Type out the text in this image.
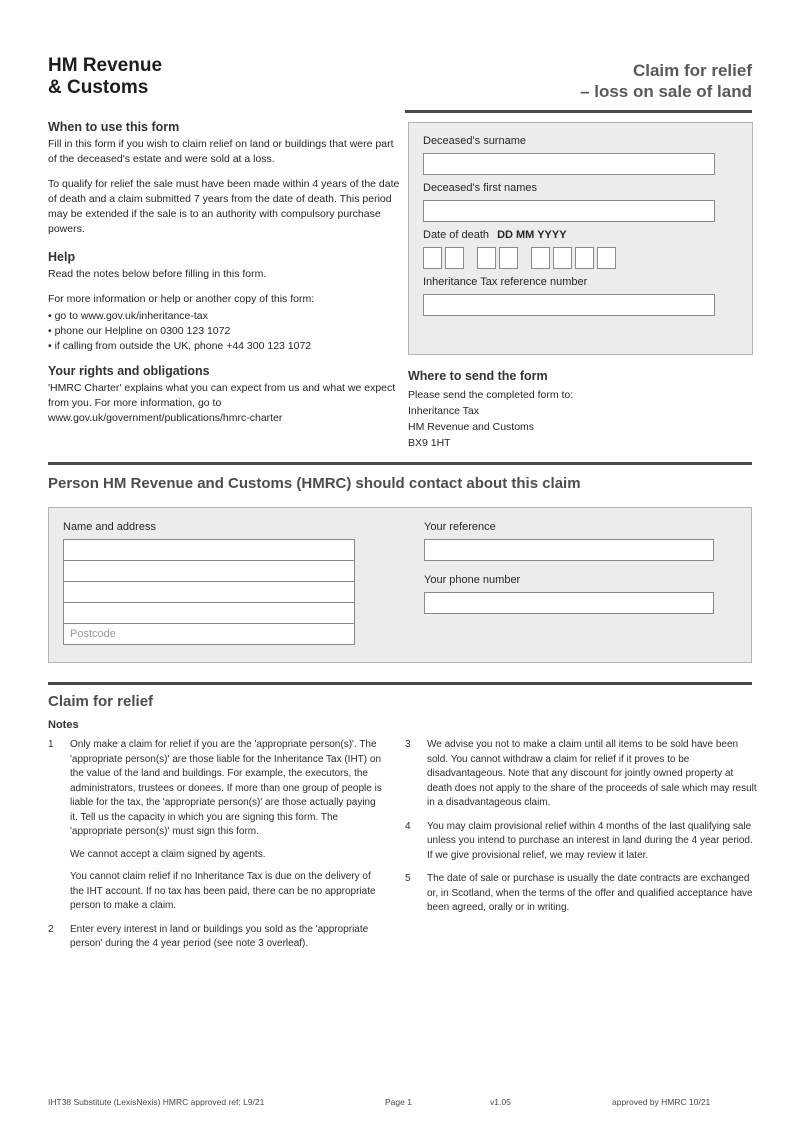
HM Revenue
& Customs
Claim for relief
– loss on sale of land
When to use this form

Fill in this form if you wish to claim relief on land or buildings that were part of the deceased's estate and were sold at a loss.

To qualify for relief the sale must have been made within 4 years of the date of death and a claim submitted 7 years from the date of death. This period may be extended if the sale is to an authority with compulsory purchase powers.

Help

Read the notes below before filling in this form.

For more information or help or another copy of this form:

• go to www.gov.uk/inheritance-tax
• phone our Helpline on 0300 123 1072
• if calling from outside the UK, phone +44 300 123 1072
Your rights and obligations

'HMRC Charter' explains what you can expect from us and what we expect from you. For more information, go to www.gov.uk/government/publications/hmrc-charter

Deceased's surname
Deceased's first names
Date of death DD MM YYYY
Inheritance Tax reference number
Where to send the form
Please send the completed form to:
Inheritance Tax
HM Revenue and Customs
BX9 1HT
Person HM Revenue and Customs (HMRC) should contact about this claim
Name and address
Postcode	Your reference
Your phone number
Claim for relief
Notes
1	Only make a claim for relief if you are the 'appropriate person(s)'. The 'appropriate person(s)' are those liable for the Inheritance Tax (IHT) on the value of the land and buildings. For example, the executors, the administrators, trustees or donees. If more than one group of people is liable for the tax, the 'appropriate person(s)' are those actually paying it. Tell us the capacity in which you are signing this form. The 'appropriate person(s)' must sign this form.

We cannot accept a claim signed by agents.

You cannot claim relief if no Inheritance Tax is due on the delivery of the IHT account. If no tax has been paid, there can be no appropriate person to make a claim.

2	Enter every interest in land or buildings you sold as the 'appropriate person' during the 4 year period (see note 3 overleaf).

3	We advise you not to make a claim until all items to be sold have been sold. You cannot withdraw a claim for relief if it proves to be disadvantageous. Note that any discount for jointly owned property at death does not apply to the share of the proceeds of sale which may result in a disadvantageous claim.

4	You may claim provisional relief within 4 months of the last qualifying sale unless you intend to purchase an interest in land during the 4 year period. If we give provisional relief, we may review it later.

5	The date of sale or purchase is usually the date contracts are exchanged or, in Scotland, when the terms of the offer and qualified acceptance have been agreed, orally or in writing.

IHT38 Substitute (LexisNexis) HMRC approved ref: L9/21	Page 1	v1.05	approved by HMRC 10/21
